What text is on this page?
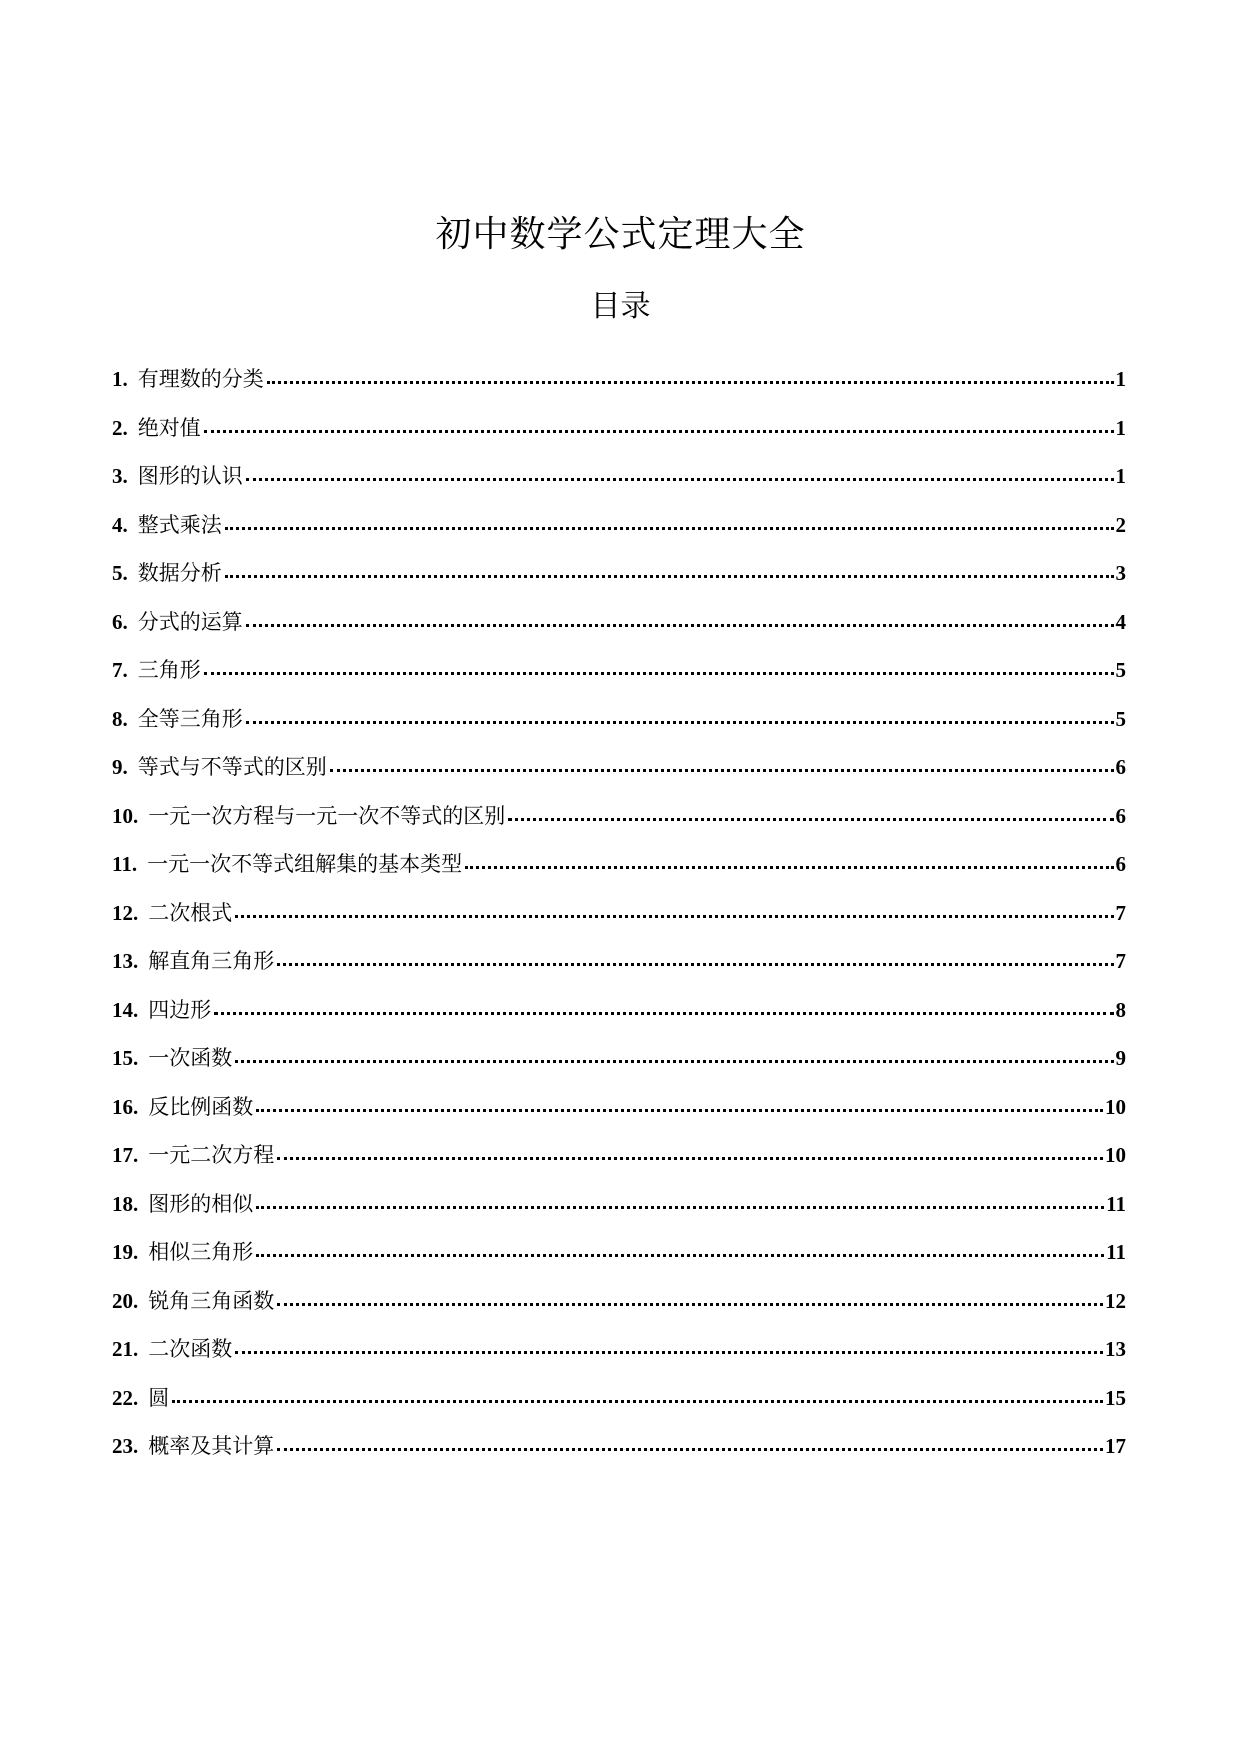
初中数学公式定理大全
目录
1. 有理数的分类	1
2. 绝对值	1
3. 图形的认识	1
4. 整式乘法	2
5. 数据分析	3
6. 分式的运算	4
7. 三角形	5
8. 全等三角形	5
9. 等式与不等式的区别	6
10. 一元一次方程与一元一次不等式的区别	6
11. 一元一次不等式组解集的基本类型	6
12. 二次根式	7
13. 解直角三角形	7
14. 四边形	8
15. 一次函数	9
16. 反比例函数	10
17. 一元二次方程	10
18. 图形的相似	11
19. 相似三角形	11
20. 锐角三角函数	12
21. 二次函数	13
22. 圆	15
23. 概率及其计算	17
